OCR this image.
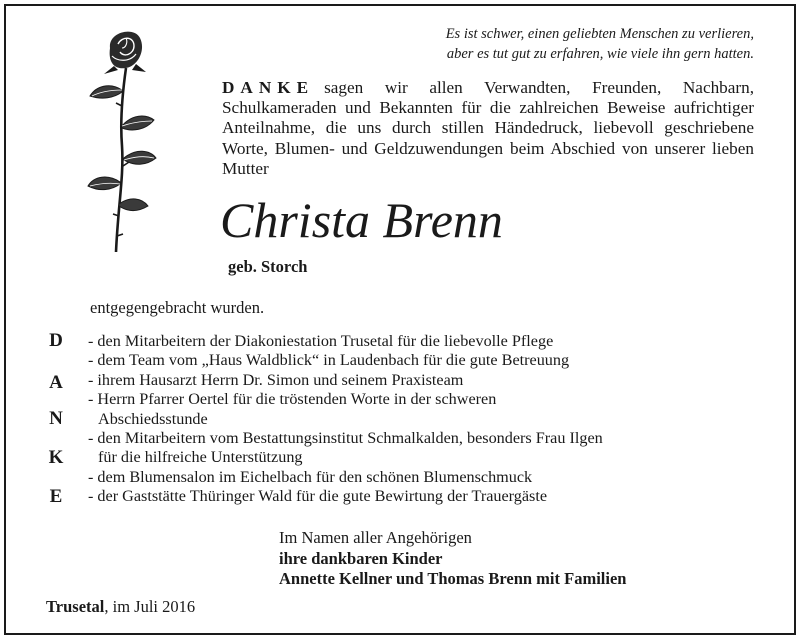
Es ist schwer, einen geliebten Menschen zu verlieren,
aber es tut gut zu erfahren, wie viele ihn gern hatten.

DANKE sagen wir allen Verwandten, Freunden, Nachbarn, Schulkameraden und Bekannten für die zahlreichen Beweise aufrichtiger Anteilnahme, die uns durch stillen Händedruck, liebevoll geschriebene Worte, Blumen- und Geldzuwendungen beim Abschied von unserer lieben Mutter

Christa Brenn
geb. Storch
entgegengebracht wurden.
D
A
N
K
E
- den Mitarbeitern der Diakoniestation Trusetal für die liebevolle Pflege
- dem Team vom „Haus Waldblick“ in Laudenbach für die gute Betreuung
- ihrem Hausarzt Herrn Dr. Simon und seinem Praxisteam
- Herrn Pfarrer Oertel für die tröstenden Worte in der schweren
Abschiedsstunde
- den Mitarbeitern vom Bestattungsinstitut Schmalkalden, besonders Frau Ilgen
für die hilfreiche Unterstützung
- dem Blumensalon im Eichelbach für den schönen Blumenschmuck
- der Gaststätte Thüringer Wald für die gute Bewirtung der Trauergäste
Im Namen aller Angehörigen
ihre dankbaren Kinder
Annette Kellner und Thomas Brenn mit Familien
Trusetal, im Juli 2016
